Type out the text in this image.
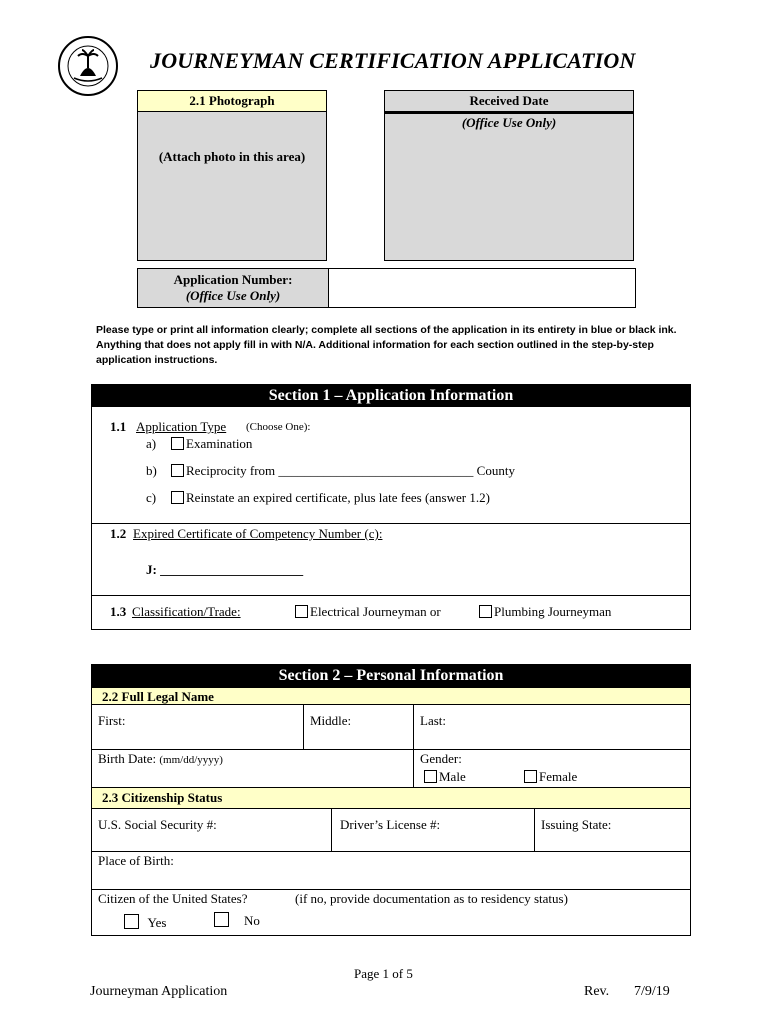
JOURNEYMAN CERTIFICATION APPLICATION
2.1 Photograph
(Attach photo in this area)
Received Date
(Office Use Only)
Application Number:
(Office Use Only)
Please type or print all information clearly; complete all sections of the application in its entirety in blue or black ink. Anything that does not apply fill in with N/A. Additional information for each section outlined in the step-by-step application instructions.
Section 1 – Application Information
1.1 Application Type (Choose One):
a)	Examination
b)	Reciprocity from ______________________________ County
c)	Reinstate an expired certificate, plus late fees (answer 1.2)
1.2 Expired Certificate of Competency Number (c):
J: ______________________
1.3 Classification/Trade:	Electrical Journeyman or	Plumbing Journeyman
Section 2 – Personal Information
2.2 Full Legal Name
First:	Middle:	Last:
Birth Date: (mm/dd/yyyy)	Gender:
Male	Female
2.3 Citizenship Status
U.S. Social Security #:	Driver’s License #:	Issuing State:
Place of Birth:
Citizen of the United States?	(if no, provide documentation as to residency status)
Yes	No
Page 1 of 5
Journeyman Application	Rev. 7/9/19
